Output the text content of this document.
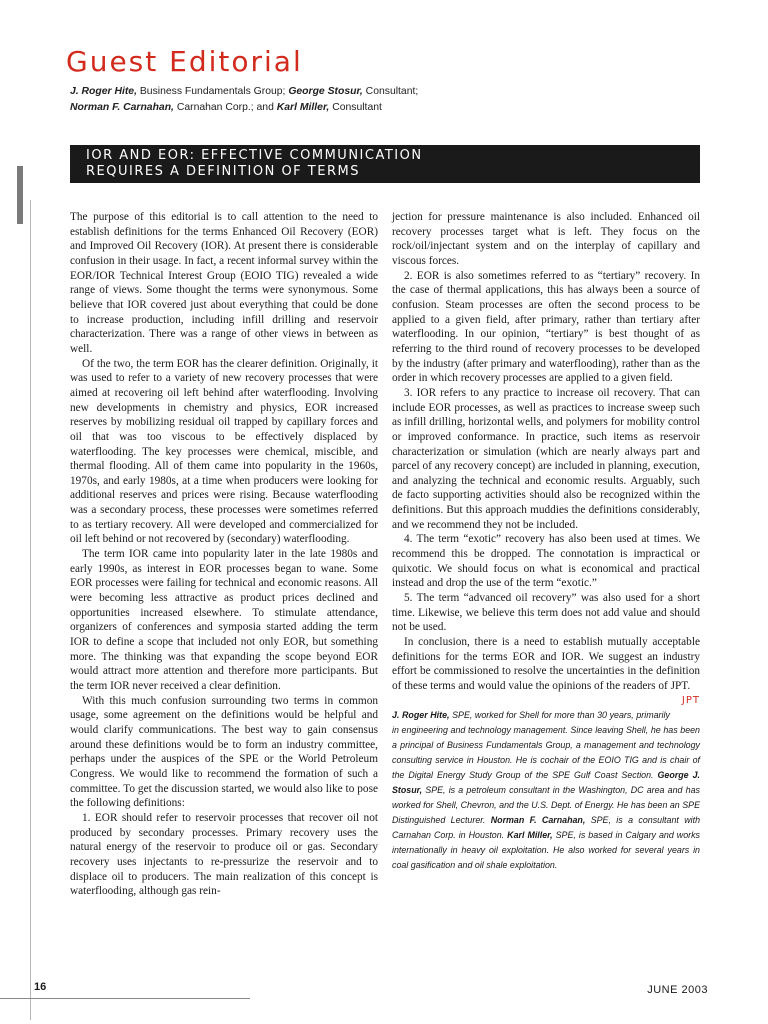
Guest Editorial
J. Roger Hite, Business Fundamentals Group; George Stosur, Consultant;
Norman F. Carnahan, Carnahan Corp.; and Karl Miller, Consultant
IOR AND EOR: EFFECTIVE COMMUNICATION
REQUIRES A DEFINITION OF TERMS

The purpose of this editorial is to call attention to the need to establish definitions for the terms Enhanced Oil Recovery (EOR) and Improved Oil Recovery (IOR). At present there is considerable confusion in their usage. In fact, a recent informal survey within the EOR/IOR Technical Interest Group (EOIO TIG) revealed a wide range of views. Some thought the terms were synonymous. Some believe that IOR covered just about everything that could be done to increase production, including infill drilling and reservoir characterization. There was a range of other views in between as well.

Of the two, the term EOR has the clearer definition. Originally, it was used to refer to a variety of new recovery processes that were aimed at recovering oil left behind after waterflooding. Involving new developments in chemistry and physics, EOR increased reserves by mobilizing residual oil trapped by capillary forces and oil that was too viscous to be effectively displaced by waterflooding. The key processes were chemical, miscible, and thermal flooding. All of them came into popularity in the 1960s, 1970s, and early 1980s, at a time when producers were looking for additional reserves and prices were rising. Because waterflooding was a secondary process, these processes were sometimes referred to as tertiary recovery. All were developed and commercialized for oil left behind or not recovered by (secondary) waterflooding.

The term IOR came into popularity later in the late 1980s and early 1990s, as interest in EOR processes began to wane. Some EOR processes were failing for technical and economic reasons. All were becoming less attractive as product prices declined and opportunities increased elsewhere. To stimulate attendance, organizers of conferences and symposia started adding the term IOR to define a scope that included not only EOR, but something more. The thinking was that expanding the scope beyond EOR would attract more attention and therefore more participants. But the term IOR never received a clear definition.

With this much confusion surrounding two terms in common usage, some agreement on the definitions would be helpful and would clarify communications. The best way to gain consensus around these definitions would be to form an industry committee, perhaps under the auspices of the SPE or the World Petroleum Congress. We would like to recommend the formation of such a committee. To get the discussion started, we would also like to pose the following definitions:

1. EOR should refer to reservoir processes that recover oil not produced by secondary processes. Primary recovery uses the natural energy of the reservoir to produce oil or gas. Secondary recovery uses injectants to re-pressurize the reservoir and to displace oil to producers. The main realization of this concept is waterflooding, although gas rein-

jection for pressure maintenance is also included. Enhanced oil recovery processes target what is left. They focus on the rock/oil/injectant system and on the interplay of capillary and viscous forces.

2. EOR is also sometimes referred to as “tertiary” recovery. In the case of thermal applications, this has always been a source of confusion. Steam processes are often the second process to be applied to a given field, after primary, rather than tertiary after waterflooding. In our opinion, “tertiary” is best thought of as referring to the third round of recovery processes to be developed by the industry (after primary and waterflooding), rather than as the order in which recovery processes are applied to a given field.

3. IOR refers to any practice to increase oil recovery. That can include EOR processes, as well as practices to increase sweep such as infill drilling, horizontal wells, and polymers for mobility control or improved conformance. In practice, such items as reservoir characterization or simulation (which are nearly always part and parcel of any recovery concept) are included in planning, execution, and analyzing the technical and economic results. Arguably, such de facto supporting activities should also be recognized within the definitions. But this approach muddies the definitions considerably, and we recommend they not be included.

4. The term “exotic” recovery has also been used at times. We recommend this be dropped. The connotation is impractical or quixotic. We should focus on what is economical and practical instead and drop the use of the term “exotic.”

5. The term “advanced oil recovery” was also used for a short time. Likewise, we believe this term does not add value and should not be used.

In conclusion, there is a need to establish mutually acceptable definitions for the terms EOR and IOR. We suggest an industry effort be commissioned to resolve the uncertainties in the definition of these terms and would value the opinions of the readers of JPT.
JPT

J. Roger Hite, SPE, worked for Shell for more than 30 years, primarily in engineering and technology management. Since leaving Shell, he has been a principal of Business Fundamentals Group, a management and technology consulting service in Houston. He is cochair of the EOIO TIG and is chair of the Digital Energy Study Group of the SPE Gulf Coast Section. George J. Stosur, SPE, is a petroleum consultant in the Washington, DC area and has worked for Shell, Chevron, and the U.S. Dept. of Energy. He has been an SPE Distinguished Lecturer. Norman F. Carnahan, SPE, is a consultant with Carnahan Corp. in Houston. Karl Miller, SPE, is based in Calgary and works internationally in heavy oil exploitation. He also worked for several years in coal gasification and oil shale exploitation.
16	JUNE 2003
